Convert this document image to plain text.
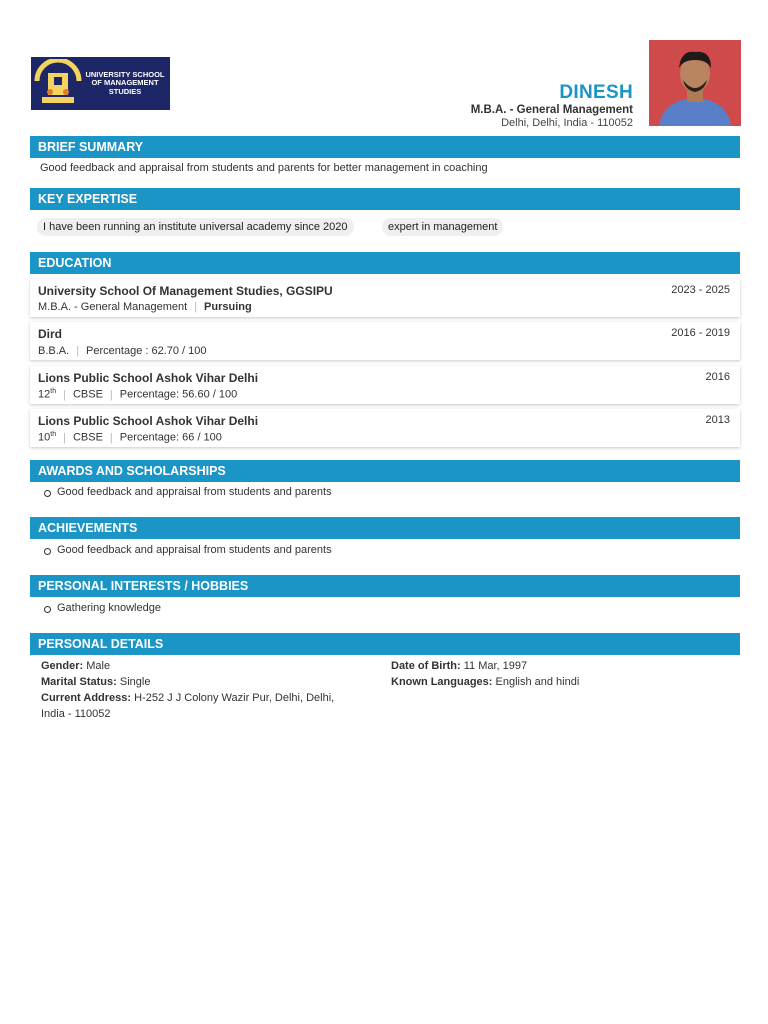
UNIVERSITY SCHOOL OF MANAGEMENT STUDIES	DINESH
M.B.A. - General Management
Delhi, Delhi, India - 110052
BRIEF SUMMARY
Good feedback and appraisal from students and parents for better management in coaching
KEY EXPERTISE
I have been running an institute universal academy since 2020	expert in management
EDUCATION
University School Of Management Studies, GGSIPU	2023 - 2025
M.B.A. - General Management | Pursuing
Dird	2016 - 2019
B.B.A. | Percentage : 62.70 / 100
Lions Public School Ashok Vihar Delhi	2016
12th | CBSE | Percentage: 56.60 / 100
Lions Public School Ashok Vihar Delhi	2013
10th | CBSE | Percentage: 66 / 100
AWARDS AND SCHOLARSHIPS
Good feedback and appraisal from students and parents
ACHIEVEMENTS
Good feedback and appraisal from students and parents
PERSONAL INTERESTS / HOBBIES
Gathering knowledge
PERSONAL DETAILS
Gender: Male
Marital Status: Single
Current Address: H-252 J J Colony Wazir Pur, Delhi, Delhi,
India - 110052
Date of Birth: 11 Mar, 1997
Known Languages: English and hindi
